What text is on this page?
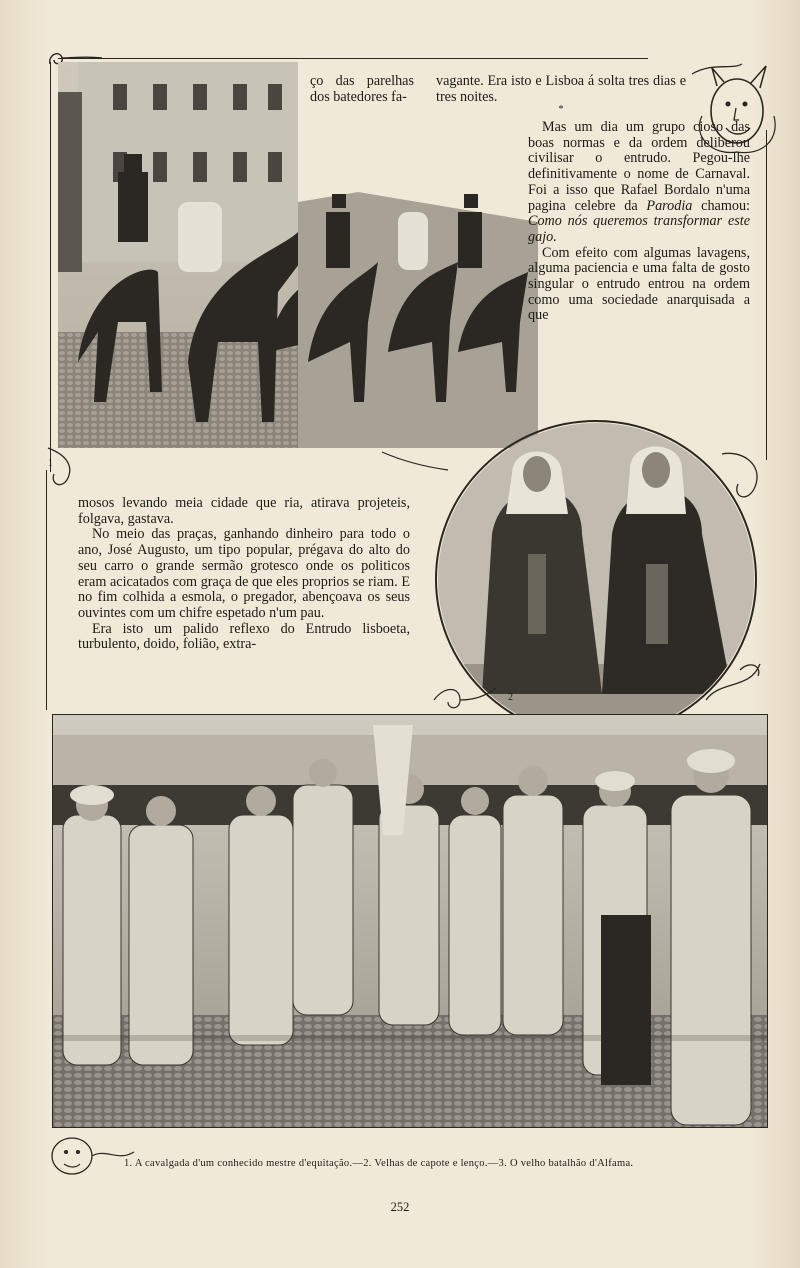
ço das parelhas dos batedores fa-

vagante. Era isto e Lisboa á solta tres dias e tres noites.

*

Mas um dia um grupo cioso das boas normas e da ordem deliberou civilisar o entrudo. Pegou-lhe definitivamente o nome de Carnaval. Foi a isso que Rafael Bordalo n'uma pagina celebre da Parodia chamou: Como nós queremos transformar este gajo.

Com efeito com algumas lavagens, alguma paciencia e uma falta de gosto singular o entrudo entrou na ordem como uma sociedade anarquisada a que

2

mosos levando meia cidade que ria, atirava projeteis, folgava, gastava.

No meio das praças, ganhando dinheiro para todo o ano, José Augusto, um tipo popular, prégava do alto do seu carro o grande sermão grotesco onde os politicos eram acicatados com graça de que eles proprios se riam. E no fim colhida a esmola, o pregador, abençoava os seus ouvintes com um chifre espetado n'um pau.

Era isto um palido reflexo do Entrudo lisboeta, turbulento, doido, folião, extra-

1. A cavalgada d'um conhecido mestre d'equitação.—2. Velhas de capote e lenço.—3. O velho batalhão d'Alfama.
252
1
